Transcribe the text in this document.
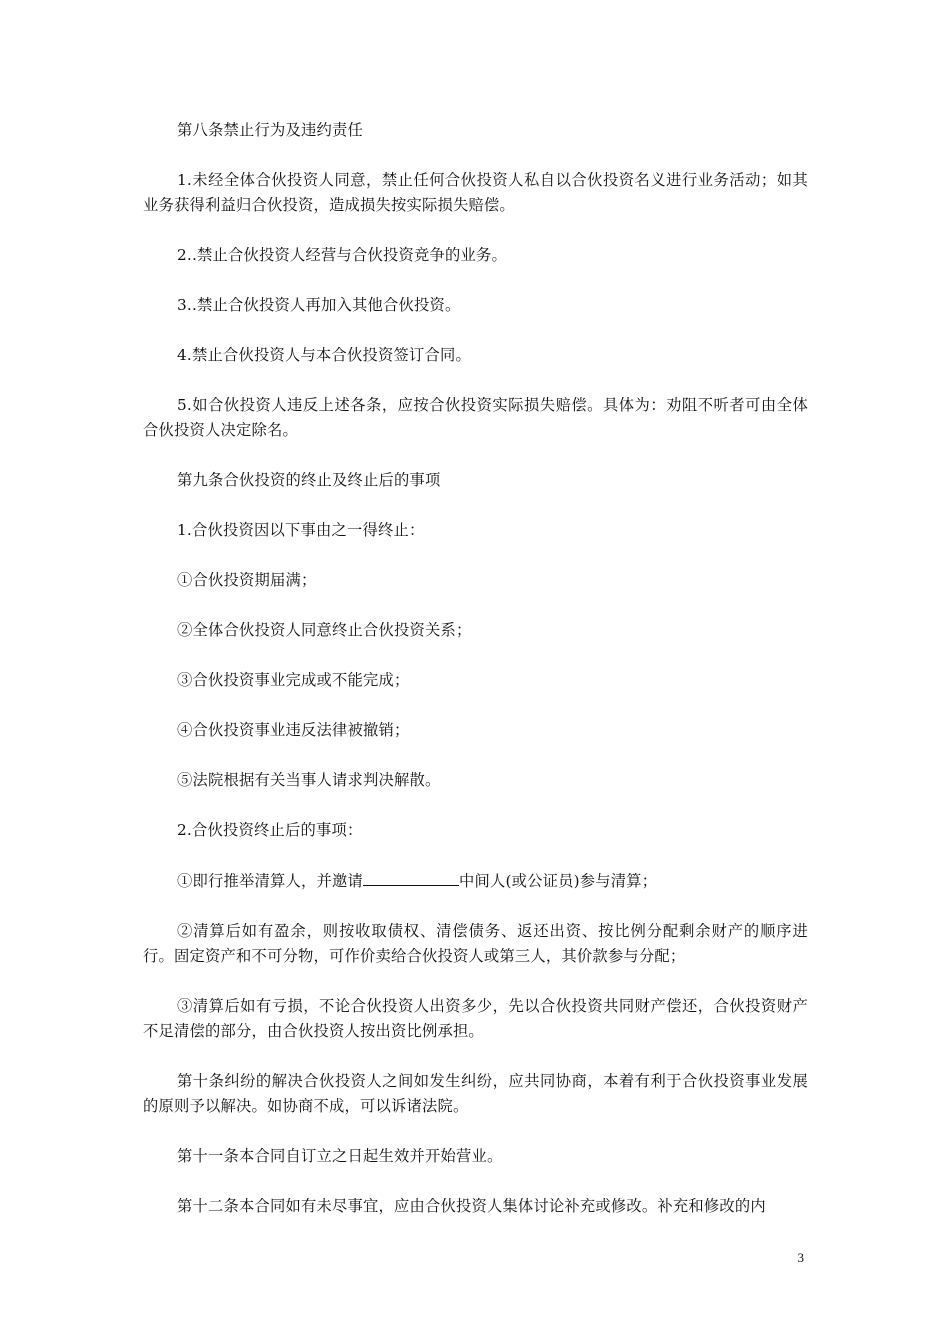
第八条禁止行为及违约责任

1.未经全体合伙投资人同意，禁止任何合伙投资人私自以合伙投资名义进行业务活动；如其业务获得利益归合伙投资，造成损失按实际损失赔偿。

2..禁止合伙投资人经营与合伙投资竞争的业务。

3..禁止合伙投资人再加入其他合伙投资。

4.禁止合伙投资人与本合伙投资签订合同。

5.如合伙投资人违反上述各条，应按合伙投资实际损失赔偿。具体为：劝阻不听者可由全体合伙投资人决定除名。

第九条合伙投资的终止及终止后的事项

1.合伙投资因以下事由之一得终止：

①合伙投资期届满；

②全体合伙投资人同意终止合伙投资关系；

③合伙投资事业完成或不能完成；

④合伙投资事业违反法律被撤销；

⑤法院根据有关当事人请求判决解散。

2.合伙投资终止后的事项：

①即行推举清算人，并邀请	中间人(或公证员)参与清算；

②清算后如有盈余，则按收取债权、清偿债务、返还出资、按比例分配剩余财产的顺序进行。固定资产和不可分物，可作价卖给合伙投资人或第三人，其价款参与分配；

③清算后如有亏损，不论合伙投资人出资多少，先以合伙投资共同财产偿还，合伙投资财产不足清偿的部分，由合伙投资人按出资比例承担。

第十条纠纷的解决合伙投资人之间如发生纠纷，应共同协商，本着有利于合伙投资事业发展的原则予以解决。如协商不成，可以诉诸法院。

第十一条本合同自订立之日起生效并开始营业。

第十二条本合同如有未尽事宜，应由合伙投资人集体讨论补充或修改。补充和修改的内

3
